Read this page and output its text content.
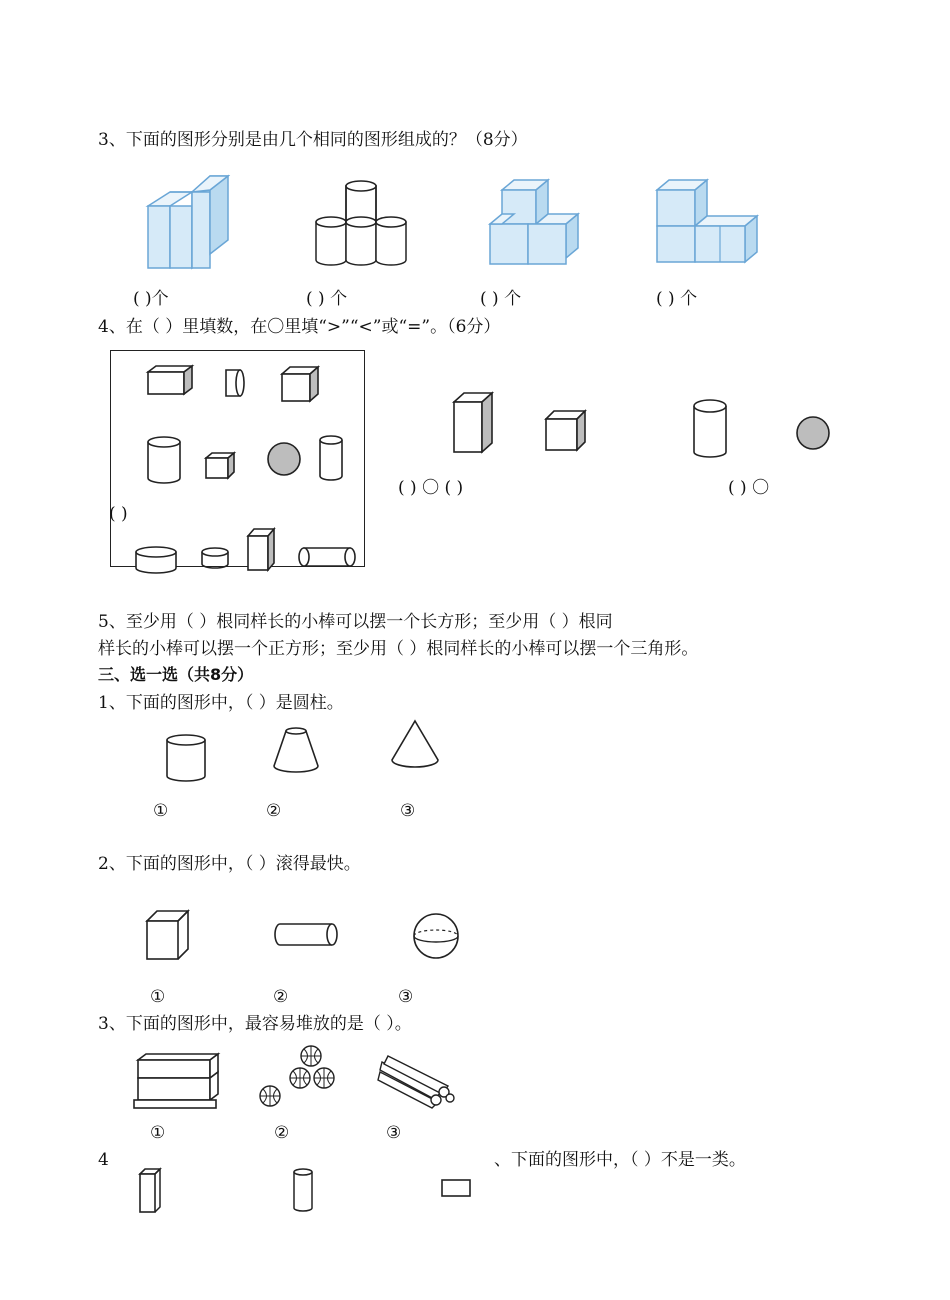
3、下面的图形分别是由几个相同的图形组成的？（8分）
( )个	( ) 个	( ) 个	( ) 个
4、在（ ）里填数，在〇里填“>”“<”或“=”。（6分）
( ) 〇 ( )	( ) 〇
( )
5、至少用（ ）根同样长的小棒可以摆一个长方形；至少用（ ）根同
样长的小棒可以摆一个正方形；至少用（ ）根同样长的小棒可以摆一个三角形。
三、选一选（共8分）
1、下面的图形中，（ ）是圆柱。
①	②	③
2、下面的图形中，（ ）滚得最快。
①	②	③
3、下面的图形中，最容易堆放的是（ ）。
①	②	③
4	、下面的图形中，（ ）不是一类。
